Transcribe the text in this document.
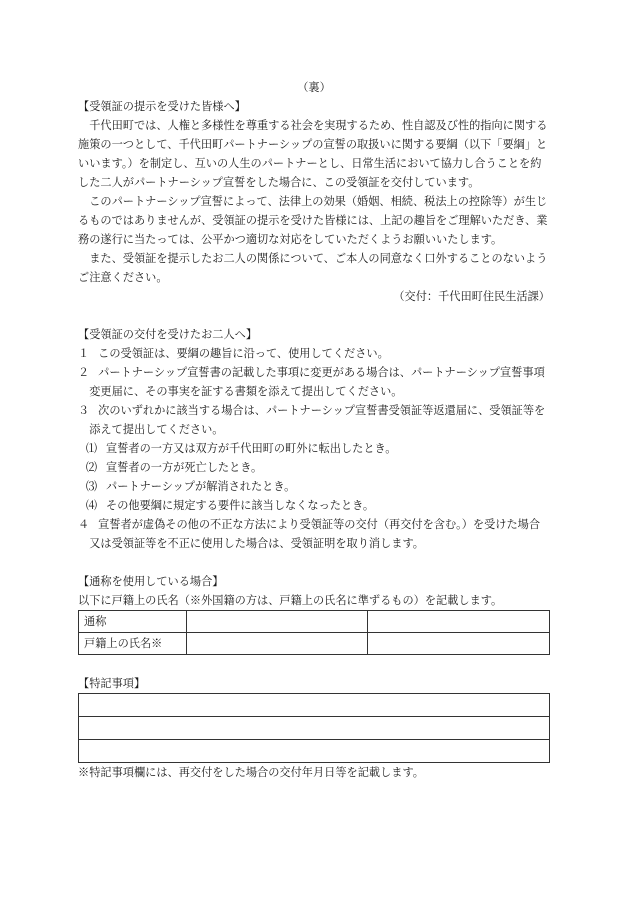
（裏）

【受領証の提示を受けた皆様へ】

千代田町では、人権と多様性を尊重する社会を実現するため、性自認及び性的指向に関する施策の一つとして、千代田町パートナーシップの宣誓の取扱いに関する要綱（以下「要綱」といいます。）を制定し、互いの人生のパートナーとし、日常生活において協力し合うことを約した二人がパートナーシップ宣誓をした場合に、この受領証を交付しています。

このパートナーシップ宣誓によって、法律上の効果（婚姻、相続、税法上の控除等）が生じるものではありませんが、受領証の提示を受けた皆様には、上記の趣旨をご理解いただき、業務の遂行に当たっては、公平かつ適切な対応をしていただくようお願いいたします。

また、受領証を提示したお二人の関係について、ご本人の同意なく口外することのないようご注意ください。

（交付：千代田町住民生活課）

【受領証の交付を受けたお二人へ】

１ この受領証は、要綱の趣旨に沿って、使用してください。

２ パートナーシップ宣誓書の記載した事項に変更がある場合は、パートナーシップ宣誓事項変更届に、その事実を証する書類を添えて提出してください。

３ 次のいずれかに該当する場合は、パートナーシップ宣誓書受領証等返還届に、受領証等を添えて提出してください。

⑴ 宣誓者の一方又は双方が千代田町の町外に転出したとき。

⑵ 宣誓者の一方が死亡したとき。

⑶ パートナーシップが解消されたとき。

⑷ その他要綱に規定する要件に該当しなくなったとき。

４ 宣誓者が虚偽その他の不正な方法により受領証等の交付（再交付を含む。）を受けた場合又は受領証等を不正に使用した場合は、受領証明を取り消します。

【通称を使用している場合】

以下に戸籍上の氏名（※外国籍の方は、戸籍上の氏名に準ずるもの）を記載します。

通称		
戸籍上の氏名※		

【特記事項】

※特記事項欄には、再交付をした場合の交付年月日等を記載します。
